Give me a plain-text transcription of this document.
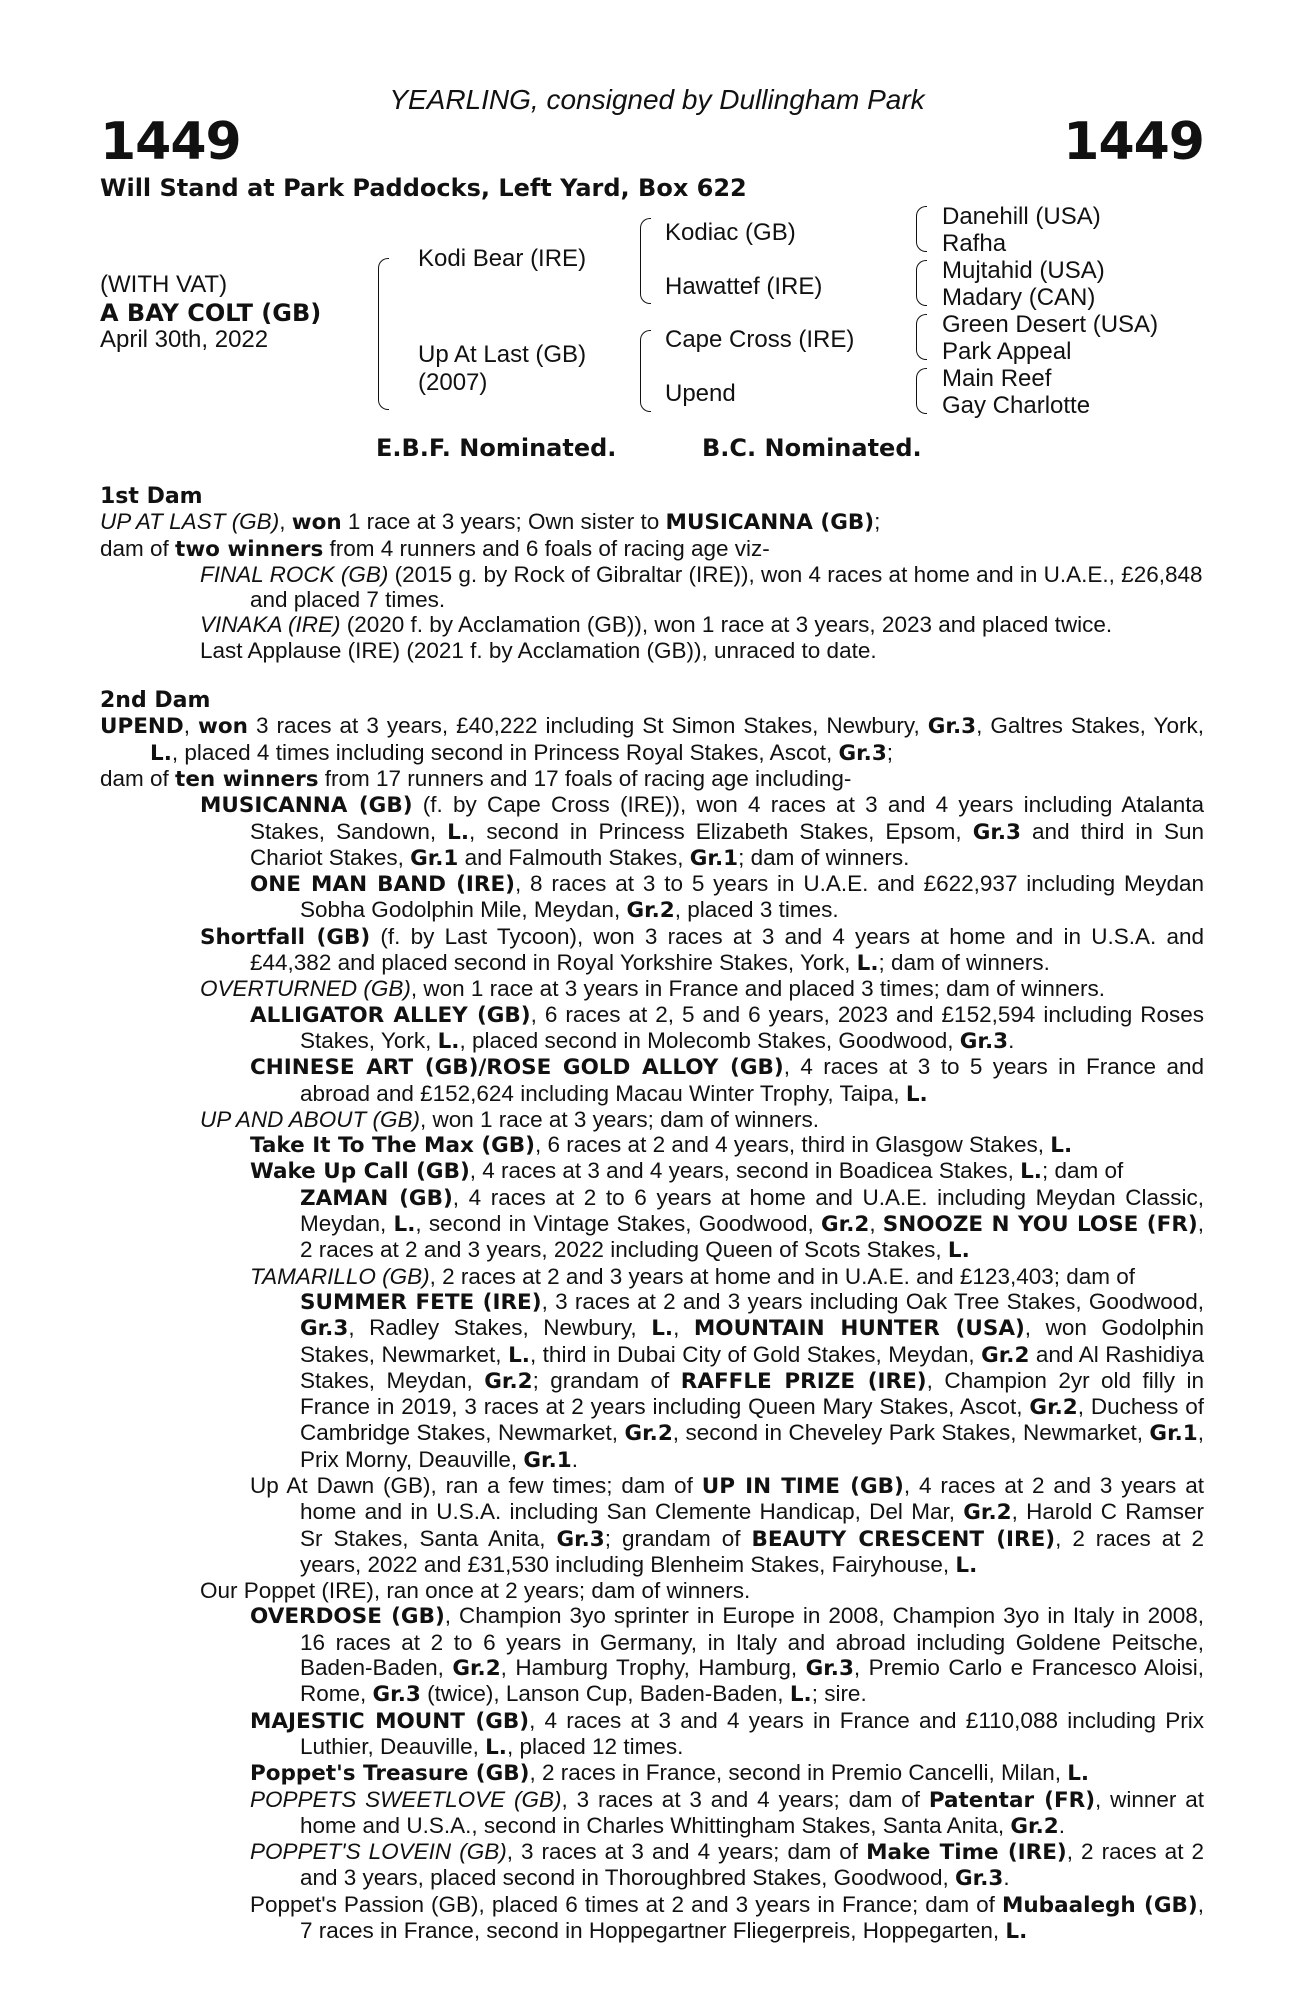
YEARLING, consigned by Dullingham Park
1449	1449
Will Stand at Park Paddocks, Left Yard, Box 622
(WITH VAT)
A BAY COLT (GB)
April 30th, 2022
Kodi Bear (IRE)
Up At Last (GB)
(2007)
Kodiac (GB)
Hawattef (IRE)
Cape Cross (IRE)
Upend
Danehill (USA)
Rafha
Mujtahid (USA)
Madary (CAN)
Green Desert (USA)
Park Appeal
Main Reef
Gay Charlotte
E.B.F. Nominated.	B.C. Nominated.

1st Dam

UP AT LAST (GB), won 1 race at 3 years; Own sister to MUSICANNA (GB);

dam of two winners from 4 runners and 6 foals of racing age viz-

FINAL ROCK (GB) (2015 g. by Rock of Gibraltar (IRE)), won 4 races at home and in U.A.E., £26,848 and placed 7 times.

VINAKA (IRE) (2020 f. by Acclamation (GB)), won 1 race at 3 years, 2023 and placed twice.

Last Applause (IRE) (2021 f. by Acclamation (GB)), unraced to date.

2nd Dam

UPEND, won 3 races at 3 years, £40,222 including St Simon Stakes, Newbury, Gr.3, Galtres Stakes, York, L., placed 4 times including second in Princess Royal Stakes, Ascot, Gr.3;

dam of ten winners from 17 runners and 17 foals of racing age including-

MUSICANNA (GB) (f. by Cape Cross (IRE)), won 4 races at 3 and 4 years including Atalanta Stakes, Sandown, L., second in Princess Elizabeth Stakes, Epsom, Gr.3 and third in Sun Chariot Stakes, Gr.1 and Falmouth Stakes, Gr.1; dam of winners.

ONE MAN BAND (IRE), 8 races at 3 to 5 years in U.A.E. and £622,937 including Meydan Sobha Godolphin Mile, Meydan, Gr.2, placed 3 times.

Shortfall (GB) (f. by Last Tycoon), won 3 races at 3 and 4 years at home and in U.S.A. and £44,382 and placed second in Royal Yorkshire Stakes, York, L.; dam of winners.

OVERTURNED (GB), won 1 race at 3 years in France and placed 3 times; dam of winners.

ALLIGATOR ALLEY (GB), 6 races at 2, 5 and 6 years, 2023 and £152,594 including Roses Stakes, York, L., placed second in Molecomb Stakes, Goodwood, Gr.3.

CHINESE ART (GB)/ROSE GOLD ALLOY (GB), 4 races at 3 to 5 years in France and abroad and £152,624 including Macau Winter Trophy, Taipa, L.

UP AND ABOUT (GB), won 1 race at 3 years; dam of winners.

Take It To The Max (GB), 6 races at 2 and 4 years, third in Glasgow Stakes, L.

Wake Up Call (GB), 4 races at 3 and 4 years, second in Boadicea Stakes, L.; dam of

ZAMAN (GB), 4 races at 2 to 6 years at home and U.A.E. including Meydan Classic, Meydan, L., second in Vintage Stakes, Goodwood, Gr.2, SNOOZE N YOU LOSE (FR), 2 races at 2 and 3 years, 2022 including Queen of Scots Stakes, L.

TAMARILLO (GB), 2 races at 2 and 3 years at home and in U.A.E. and £123,403; dam of

SUMMER FETE (IRE), 3 races at 2 and 3 years including Oak Tree Stakes, Goodwood, Gr.3, Radley Stakes, Newbury, L., MOUNTAIN HUNTER (USA), won Godolphin Stakes, Newmarket, L., third in Dubai City of Gold Stakes, Meydan, Gr.2 and Al Rashidiya Stakes, Meydan, Gr.2; grandam of RAFFLE PRIZE (IRE), Champion 2yr old filly in France in 2019, 3 races at 2 years including Queen Mary Stakes, Ascot, Gr.2, Duchess of Cambridge Stakes, Newmarket, Gr.2, second in Cheveley Park Stakes, Newmarket, Gr.1, Prix Morny, Deauville, Gr.1.

Up At Dawn (GB), ran a few times; dam of UP IN TIME (GB), 4 races at 2 and 3 years at home and in U.S.A. including San Clemente Handicap, Del Mar, Gr.2, Harold C Ramser Sr Stakes, Santa Anita, Gr.3; grandam of BEAUTY CRESCENT (IRE), 2 races at 2 years, 2022 and £31,530 including Blenheim Stakes, Fairyhouse, L.

Our Poppet (IRE), ran once at 2 years; dam of winners.

OVERDOSE (GB), Champion 3yo sprinter in Europe in 2008, Champion 3yo in Italy in 2008, 16 races at 2 to 6 years in Germany, in Italy and abroad including Goldene Peitsche, Baden-Baden, Gr.2, Hamburg Trophy, Hamburg, Gr.3, Premio Carlo e Francesco Aloisi, Rome, Gr.3 (twice), Lanson Cup, Baden-Baden, L.; sire.

MAJESTIC MOUNT (GB), 4 races at 3 and 4 years in France and £110,088 including Prix Luthier, Deauville, L., placed 12 times.

Poppet's Treasure (GB), 2 races in France, second in Premio Cancelli, Milan, L.

POPPETS SWEETLOVE (GB), 3 races at 3 and 4 years; dam of Patentar (FR), winner at home and U.S.A., second in Charles Whittingham Stakes, Santa Anita, Gr.2.

POPPET'S LOVEIN (GB), 3 races at 3 and 4 years; dam of Make Time (IRE), 2 races at 2 and 3 years, placed second in Thoroughbred Stakes, Goodwood, Gr.3.

Poppet's Passion (GB), placed 6 times at 2 and 3 years in France; dam of Mubaalegh (GB), 7 races in France, second in Hoppegartner Fliegerpreis, Hoppegarten, L.
